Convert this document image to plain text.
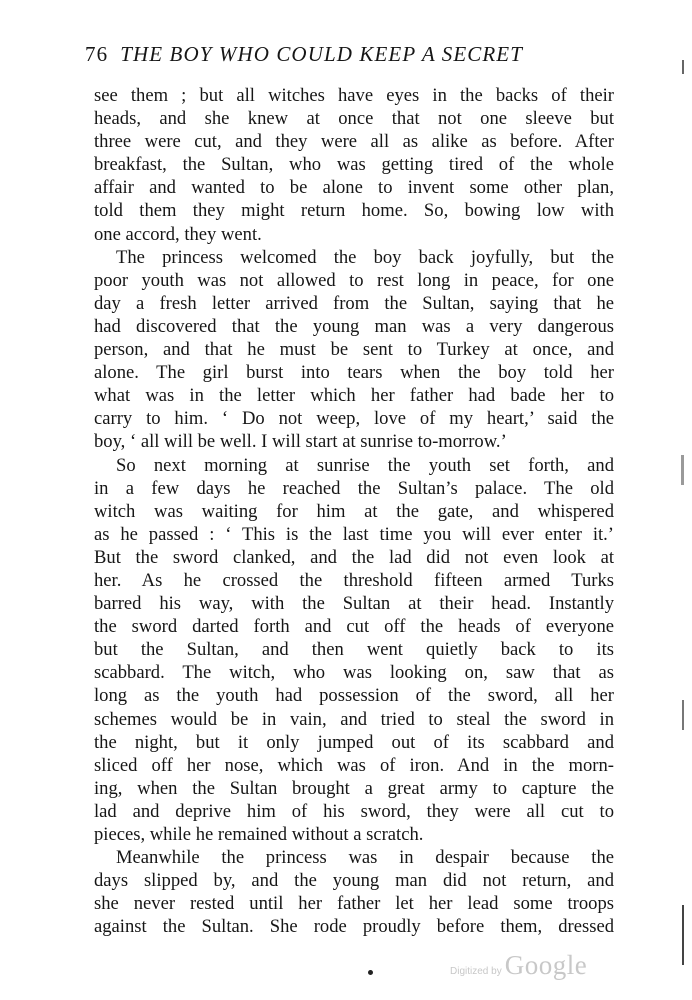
76 THE BOY WHO COULD KEEP A SECRET
see them ; but all witches have eyes in the backs of their
heads, and she knew at once that not one sleeve but
three were cut, and they were all as alike as before. After
breakfast, the Sultan, who was getting tired of the whole
affair and wanted to be alone to invent some other plan,
told them they might return home. So, bowing low with
one accord, they went.
The princess welcomed the boy back joyfully, but the
poor youth was not allowed to rest long in peace, for one
day a fresh letter arrived from the Sultan, saying that he
had discovered that the young man was a very dangerous
person, and that he must be sent to Turkey at once, and
alone. The girl burst into tears when the boy told her
what was in the letter which her father had bade her to
carry to him. ‘ Do not weep, love of my heart,’ said the
boy, ‘ all will be well. I will start at sunrise to-morrow.’
So next morning at sunrise the youth set forth, and
in a few days he reached the Sultan’s palace. The old
witch was waiting for him at the gate, and whispered
as he passed : ‘ This is the last time you will ever enter it.’
But the sword clanked, and the lad did not even look at
her. As he crossed the threshold fifteen armed Turks
barred his way, with the Sultan at their head. Instantly
the sword darted forth and cut off the heads of everyone
but the Sultan, and then went quietly back to its
scabbard. The witch, who was looking on, saw that as
long as the youth had possession of the sword, all her
schemes would be in vain, and tried to steal the sword in
the night, but it only jumped out of its scabbard and
sliced off her nose, which was of iron. And in the morn-
ing, when the Sultan brought a great army to capture the
lad and deprive him of his sword, they were all cut to
pieces, while he remained without a scratch.
Meanwhile the princess was in despair because the
days slipped by, and the young man did not return, and
she never rested until her father let her lead some troops
against the Sultan. She rode proudly before them, dressed
Digitized by Google
